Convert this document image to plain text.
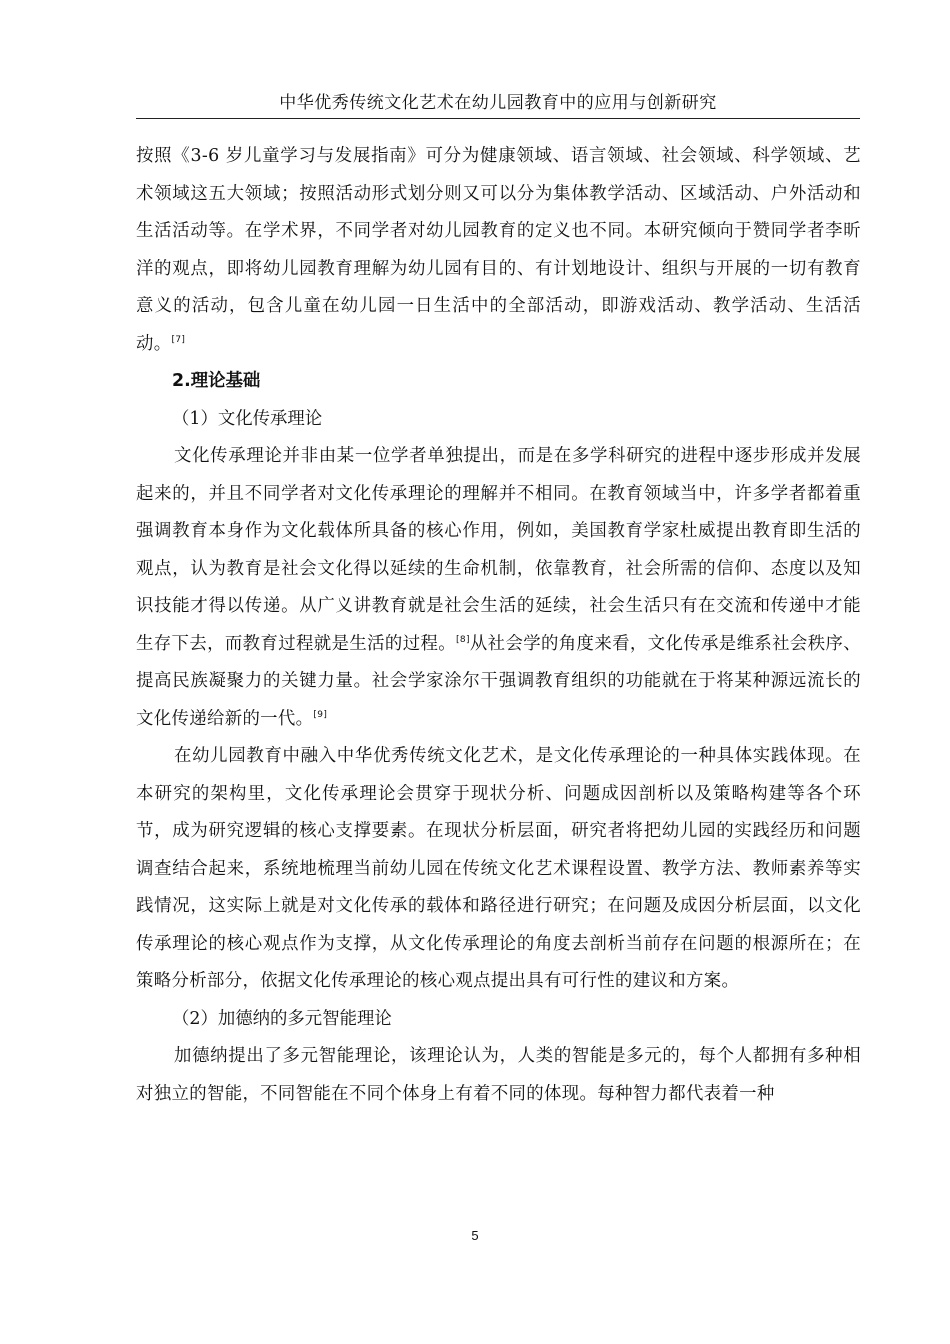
中华优秀传统文化艺术在幼儿园教育中的应用与创新研究

按照《3-6 岁儿童学习与发展指南》可分为健康领域、语言领域、社会领域、科学领域、艺术领域这五大领域；按照活动形式划分则又可以分为集体教学活动、区域活动、户外活动和生活活动等。在学术界，不同学者对幼儿园教育的定义也不同。本研究倾向于赞同学者李昕洋的观点，即将幼儿园教育理解为幼儿园有目的、有计划地设计、组织与开展的一切有教育意义的活动，包含儿童在幼儿园一日生活中的全部活动，即游戏活动、教学活动、生活活动。[7]

2.理论基础

（1）文化传承理论

文化传承理论并非由某一位学者单独提出，而是在多学科研究的进程中逐步形成并发展起来的，并且不同学者对文化传承理论的理解并不相同。在教育领域当中，许多学者都着重强调教育本身作为文化载体所具备的核心作用，例如，美国教育学家杜威提出教育即生活的观点，认为教育是社会文化得以延续的生命机制，依靠教育，社会所需的信仰、态度以及知识技能才得以传递。从广义讲教育就是社会生活的延续，社会生活只有在交流和传递中才能生存下去，而教育过程就是生活的过程。[8]从社会学的角度来看，文化传承是维系社会秩序、提高民族凝聚力的关键力量。社会学家涂尔干强调教育组织的功能就在于将某种源远流长的文化传递给新的一代。[9]

在幼儿园教育中融入中华优秀传统文化艺术，是文化传承理论的一种具体实践体现。在本研究的架构里，文化传承理论会贯穿于现状分析、问题成因剖析以及策略构建等各个环节，成为研究逻辑的核心支撑要素。在现状分析层面，研究者将把幼儿园的实践经历和问题调查结合起来，系统地梳理当前幼儿园在传统文化艺术课程设置、教学方法、教师素养等实践情况，这实际上就是对文化传承的载体和路径进行研究；在问题及成因分析层面，以文化传承理论的核心观点作为支撑，从文化传承理论的角度去剖析当前存在问题的根源所在；在策略分析部分，依据文化传承理论的核心观点提出具有可行性的建议和方案。

（2）加德纳的多元智能理论

加德纳提出了多元智能理论，该理论认为，人类的智能是多元的，每个人都拥有多种相对独立的智能，不同智能在不同个体身上有着不同的体现。每种智力都代表着一种

5
